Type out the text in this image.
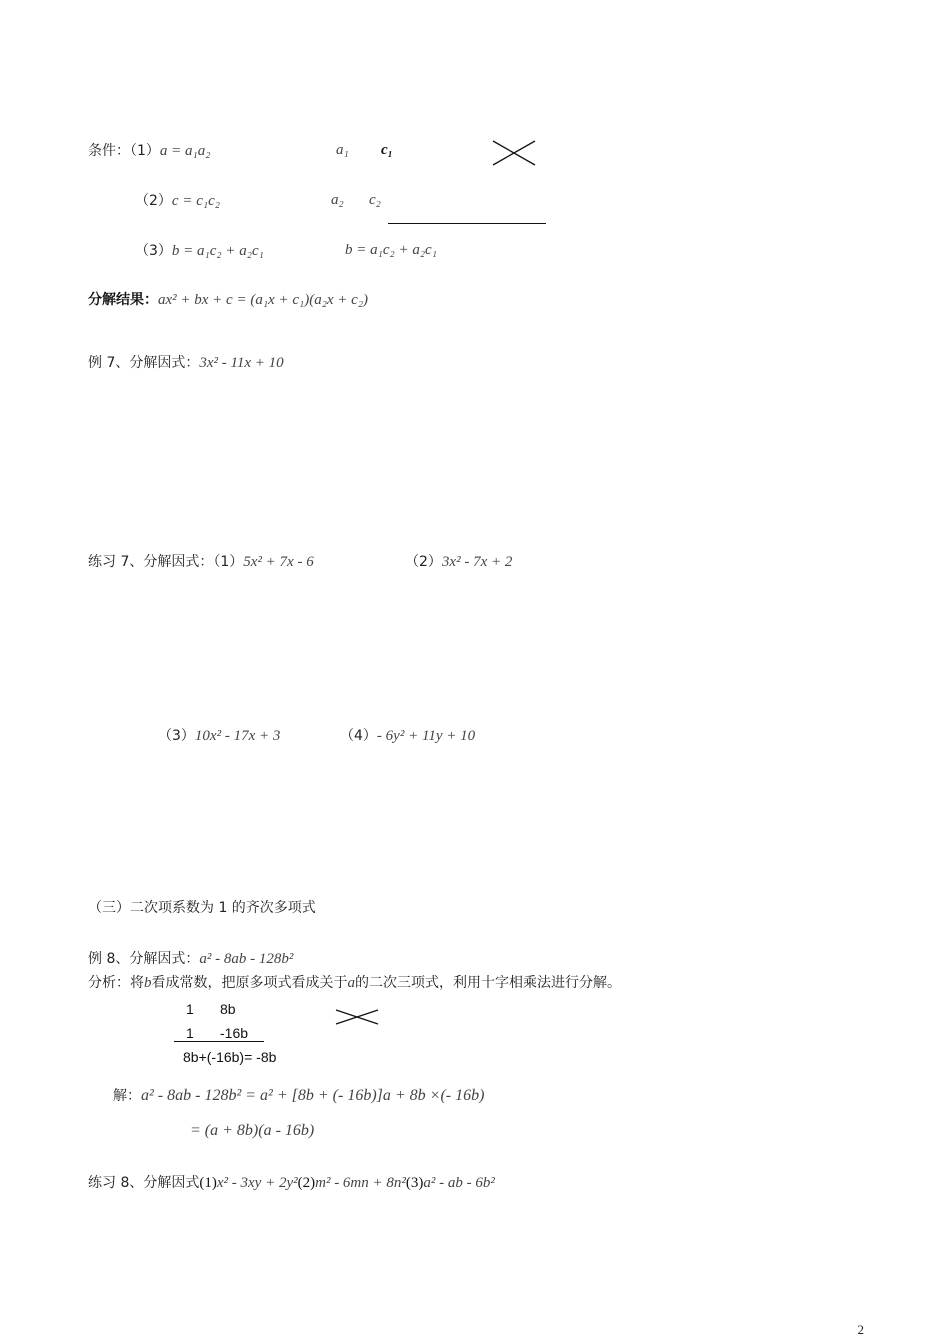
条件：（1）a = a₁a₂	a₁ c₁
（2）c = c₁c₂	a₂ c₂
（3）b = a₁c₂ + a₂c₁	b = a₁c₂ + a₂c₁
分解结果：ax² + bx + c = (a₁x + c₁)(a₂x + c₂)
例 7、分解因式：3x² - 11x + 10
练习 7、分解因式：（1）5x² + 7x - 6	（2）3x² - 7x + 2
（3）10x² - 17x + 3	（4）- 6y² + 11y + 10
（三）二次项系数为 1 的齐次多项式
例 8、分解因式：a² - 8ab - 128b²
分析：将b看成常数，把原多项式看成关于a的二次三项式，利用十字相乘法进行分解。
1 8b
1 -16b
8b+(-16b)= -8b
解：a² - 8ab - 128b² = a² + [8b + (- 16b)]a + 8b ×(- 16b)
= (a + 8b)(a - 16b)
练习 8、分解因式(1)x² - 3xy + 2y²(2)m² - 6mn + 8n²(3)a² - ab - 6b²
2
